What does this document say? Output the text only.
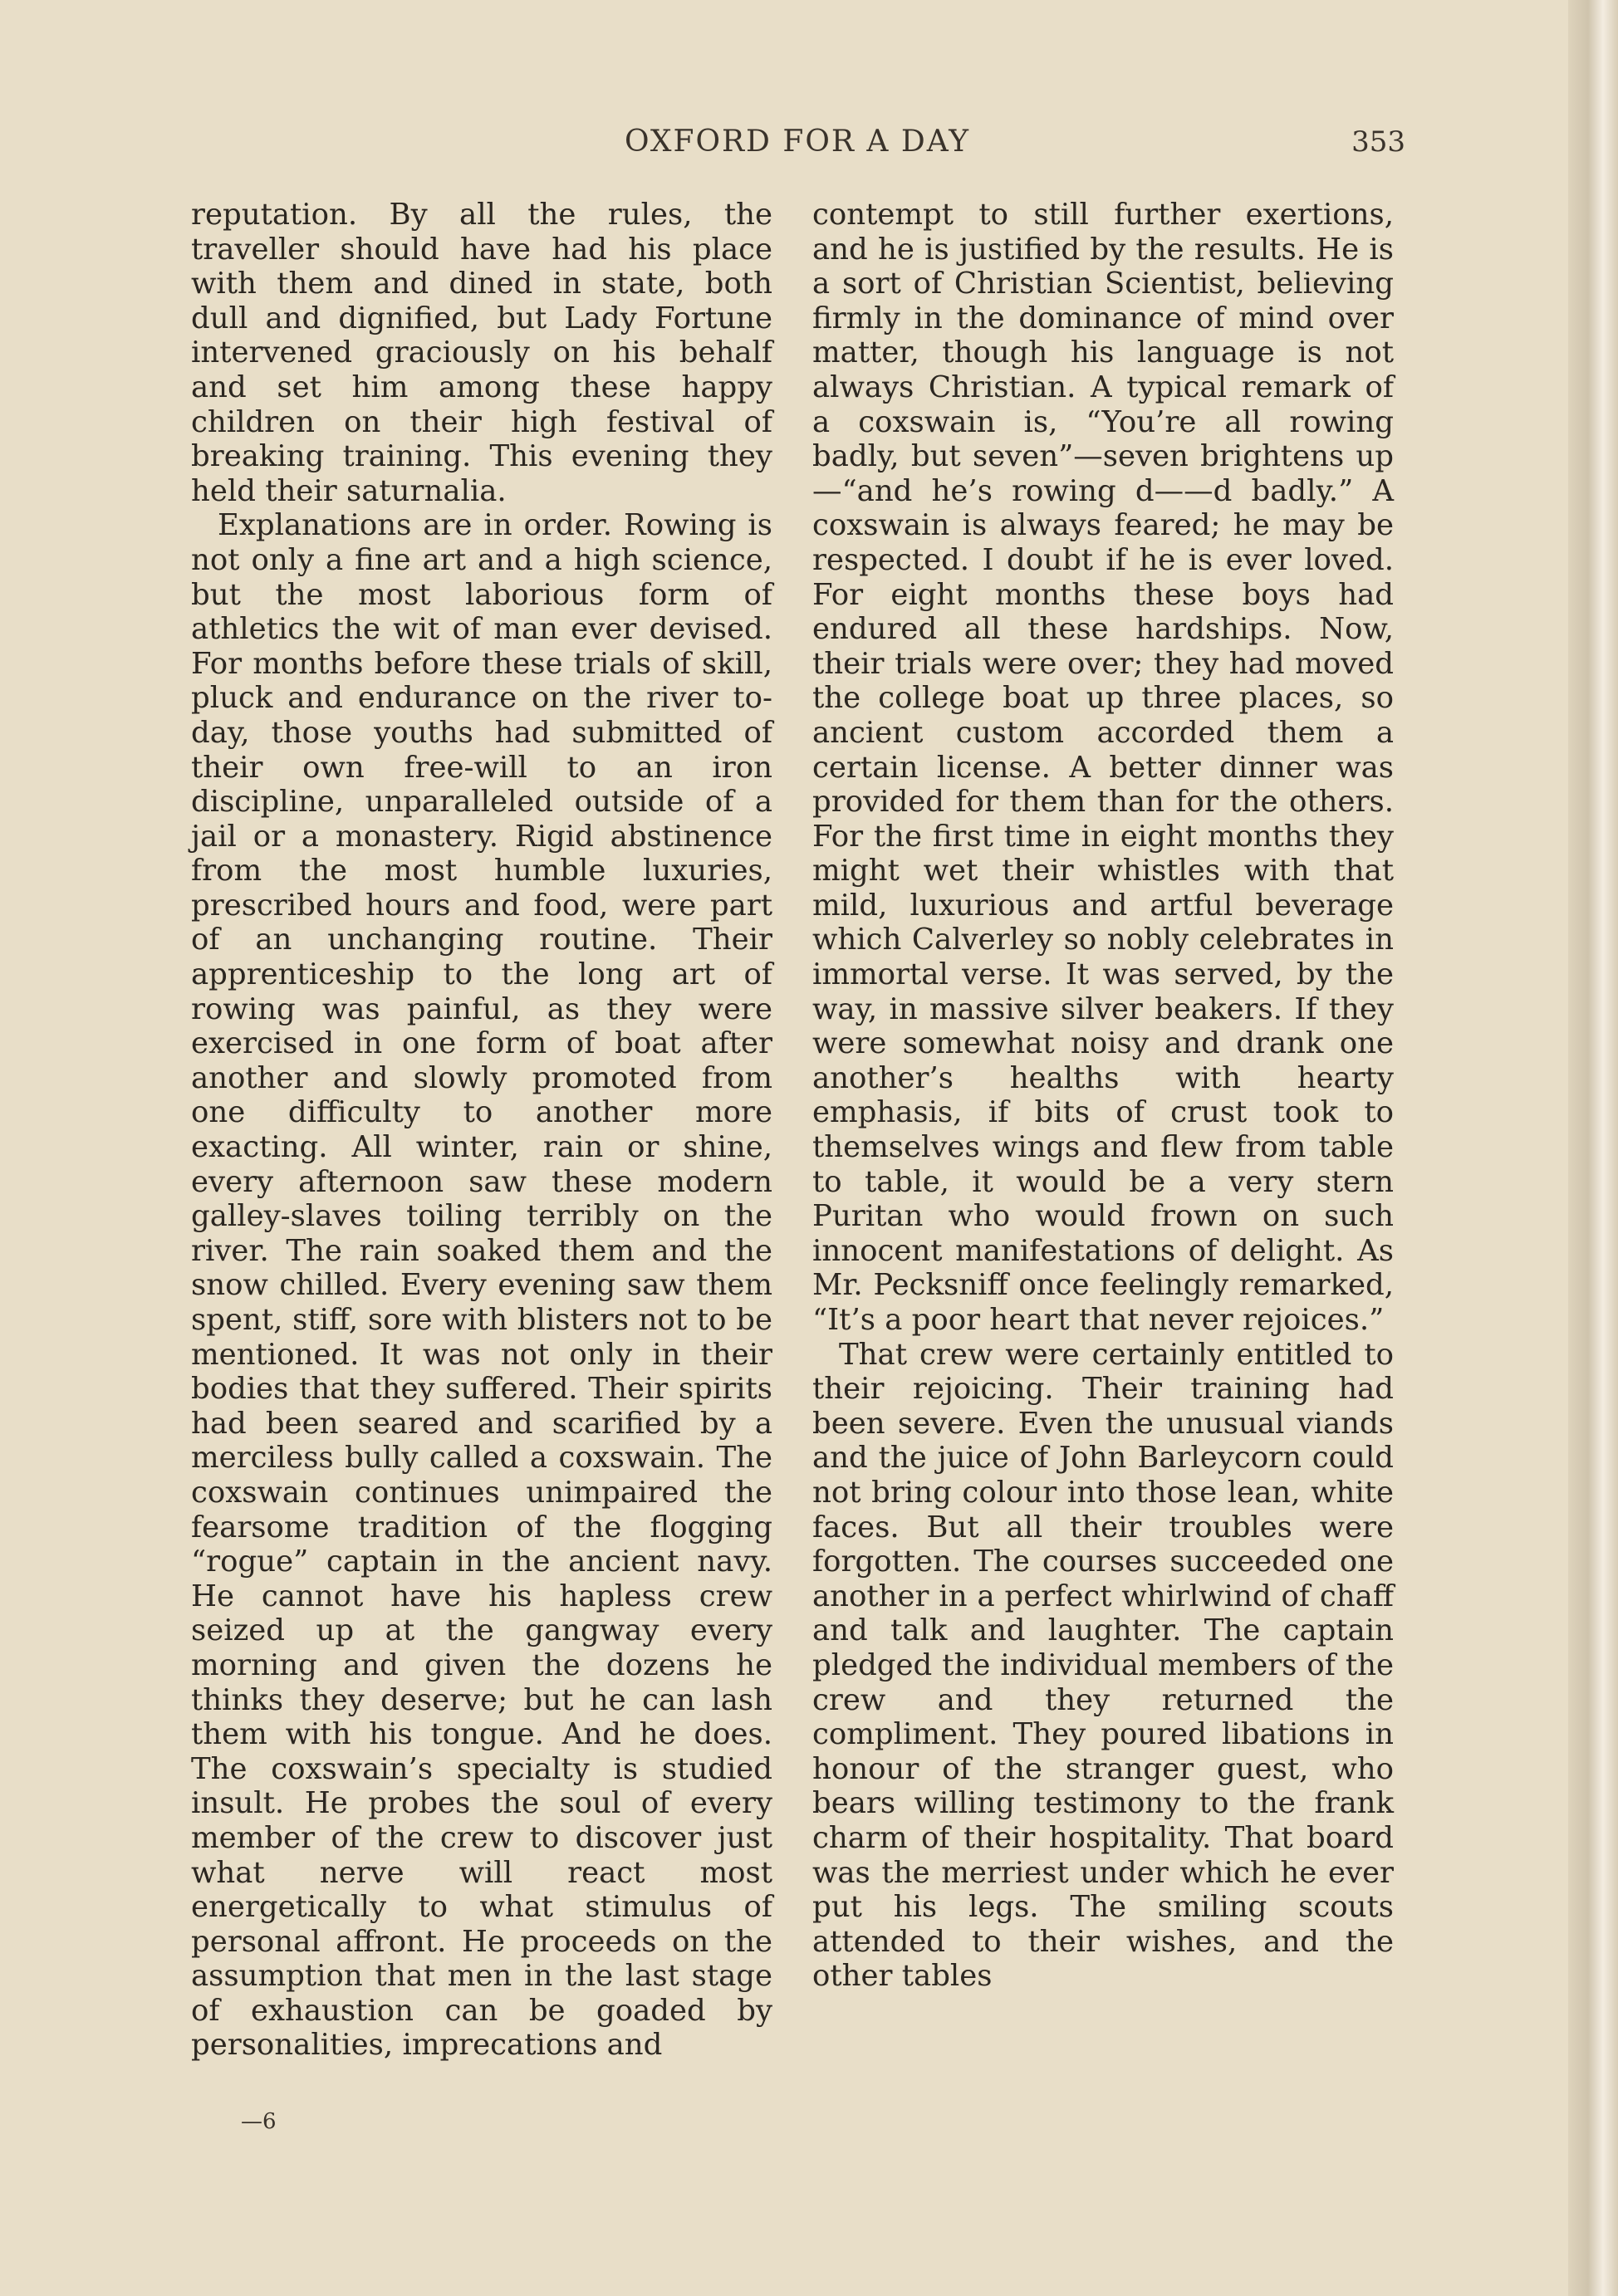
OXFORD FOR A DAY	353

reputation. By all the rules, the traveller should have had his place with them and dined in state, both dull and dignified, but Lady Fortune intervened graciously on his behalf and set him among these happy children on their high festival of breaking training. This evening they held their saturnalia.

Explanations are in order. Rowing is not only a fine art and a high science, but the most laborious form of athletics the wit of man ever devised. For months before these trials of skill, pluck and endurance on the river to-day, those youths had submitted of their own free-will to an iron discipline, unparalleled outside of a jail or a monastery. Rigid abstinence from the most humble luxuries, prescribed hours and food, were part of an unchanging routine. Their apprenticeship to the long art of rowing was painful, as they were exercised in one form of boat after another and slowly promoted from one difficulty to another more exacting. All winter, rain or shine, every afternoon saw these modern galley-slaves toiling terribly on the river. The rain soaked them and the snow chilled. Every evening saw them spent, stiff, sore with blisters not to be mentioned. It was not only in their bodies that they suffered. Their spirits had been seared and scarified by a merciless bully called a coxswain. The coxswain continues unimpaired the fearsome tradition of the flogging “rogue” captain in the ancient navy. He cannot have his hapless crew seized up at the gangway every morning and given the dozens he thinks they deserve; but he can lash them with his tongue. And he does. The coxswain’s specialty is studied insult. He probes the soul of every member of the crew to discover just what nerve will react most energetically to what stimulus of personal affront. He proceeds on the assumption that men in the last stage of exhaustion can be goaded by personalities, imprecations and

contempt to still further exertions, and he is justified by the results. He is a sort of Christian Scientist, believing firmly in the dominance of mind over matter, though his language is not always Christian. A typical remark of a coxswain is, “You’re all rowing badly, but seven”—seven brightens up—“and he’s rowing d——d badly.” A coxswain is always feared; he may be respected. I doubt if he is ever loved. For eight months these boys had endured all these hardships. Now, their trials were over; they had moved the college boat up three places, so ancient custom accorded them a certain license. A better dinner was provided for them than for the others. For the first time in eight months they might wet their whistles with that mild, luxurious and artful beverage which Calverley so nobly celebrates in immortal verse. It was served, by the way, in massive silver beakers. If they were somewhat noisy and drank one another’s healths with hearty emphasis, if bits of crust took to themselves wings and flew from table to table, it would be a very stern Puritan who would frown on such innocent manifestations of delight. As Mr. Pecksniff once feelingly remarked, “It’s a poor heart that never rejoices.”

That crew were certainly entitled to their rejoicing. Their training had been severe. Even the unusual viands and the juice of John Barleycorn could not bring colour into those lean, white faces. But all their troubles were forgotten. The courses succeeded one another in a perfect whirlwind of chaff and talk and laughter. The captain pledged the individual members of the crew and they returned the compliment. They poured libations in honour of the stranger guest, who bears willing testimony to the frank charm of their hospitality. That board was the merriest under which he ever put his legs. The smiling scouts attended to their wishes, and the other tables

—6
